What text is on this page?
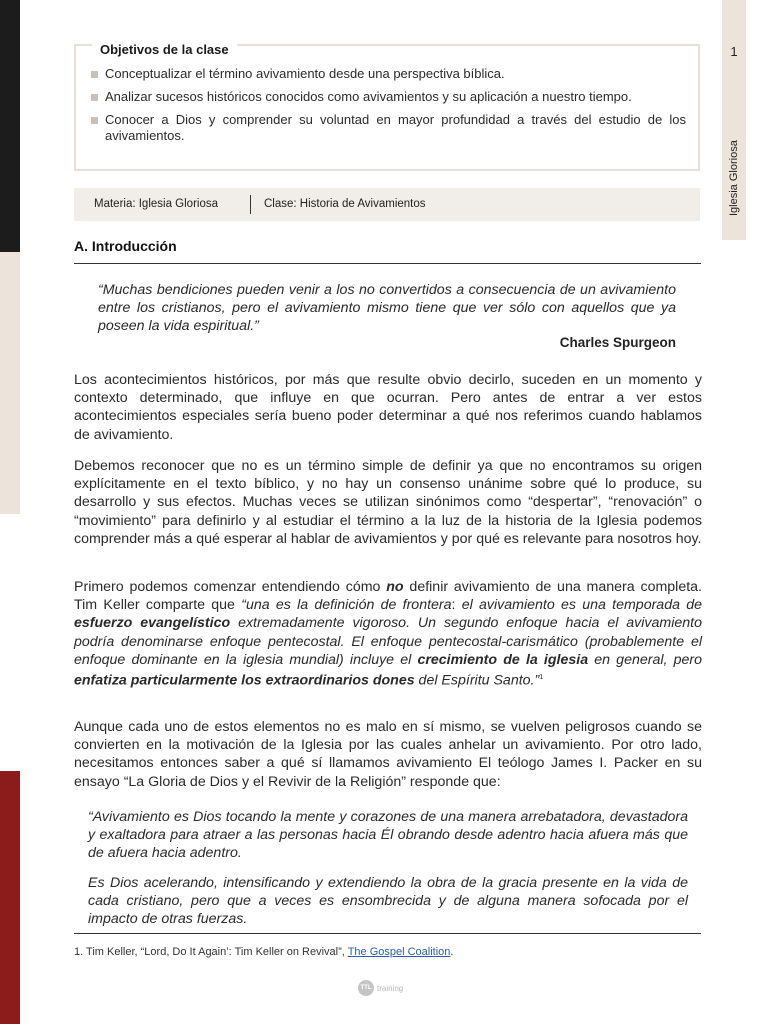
1
Iglesia Gloriosa
Objetivos de la clase
Conceptualizar el término avivamiento desde una perspectiva bíblica.
Analizar sucesos históricos conocidos como avivamientos y su aplicación a nuestro tiempo.
Conocer a Dios y comprender su voluntad en mayor profundidad a través del estudio de los avivamientos.
Materia: Iglesia Gloriosa	Clase: Historia de Avivamientos
A. Introducción

“Muchas bendiciones pueden venir a los no convertidos a consecuencia de un avivamiento entre los cristianos, pero el avivamiento mismo tiene que ver sólo con aquellos que ya poseen la vida espiritual.”

Charles Spurgeon

Los acontecimientos históricos, por más que resulte obvio decirlo, suceden en un momento y contexto determinado, que influye en que ocurran. Pero antes de entrar a ver estos acontecimientos especiales sería bueno poder determinar a qué nos referimos cuando hablamos de avivamiento.

Debemos reconocer que no es un término simple de definir ya que no encontramos su origen explícitamente en el texto bíblico, y no hay un consenso unánime sobre qué lo produce, su desarrollo y sus efectos. Muchas veces se utilizan sinónimos como “despertar”, “renovación” o “movimiento” para definirlo y al estudiar el término a la luz de la historia de la Iglesia podemos comprender más a qué esperar al hablar de avivamientos y por qué es relevante para nosotros hoy.

Primero podemos comenzar entendiendo cómo no definir avivamiento de una manera completa. Tim Keller comparte que “una es la definición de frontera: el avivamiento es una temporada de esfuerzo evangelístico extremadamente vigoroso. Un segundo enfoque hacia el avivamiento podría denominarse enfoque pentecostal. El enfoque pentecostal-carismático (probablemente el enfoque dominante en la iglesia mundial) incluye el crecimiento de la iglesia en general, pero enfatiza particularmente los extraordinarios dones del Espíritu Santo.”$^1$

Aunque cada uno de estos elementos no es malo en sí mismo, se vuelven peligrosos cuando se convierten en la motivación de la Iglesia por las cuales anhelar un avivamiento. Por otro lado, necesitamos entonces saber a qué sí llamamos avivamiento El teólogo James I. Packer en su ensayo “La Gloria de Dios y el Revivir de la Religión” responde que:

“Avivamiento es Dios tocando la mente y corazones de una manera arrebatadora, devastadora y exaltadora para atraer a las personas hacia Él obrando desde adentro hacia afuera más que de afuera hacia adentro.

Es Dios acelerando, intensificando y extendiendo la obra de la gracia presente en la vida de cada cristiano, pero que a veces es ensombrecida y de alguna manera sofocada por el impacto de otras fuerzas.

1. Tim Keller, “Lord, Do It Again’: Tim Keller on Revival”, The Gospel Coalition.
TTL training
